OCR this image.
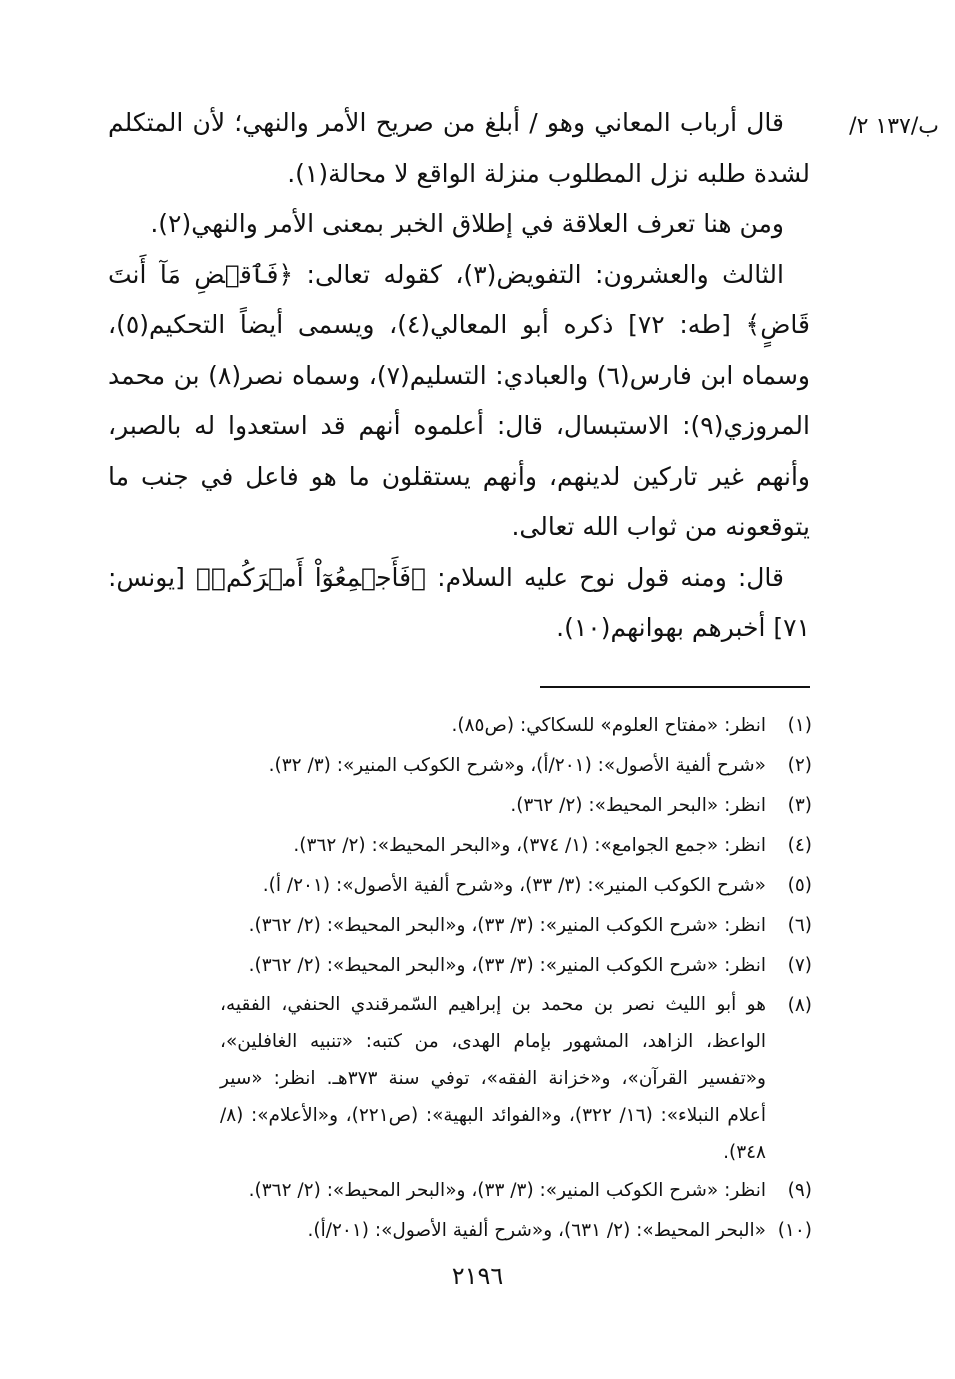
ب/١٣٧ ٢/

قال أرباب المعاني وهو / أبلغ من صريح الأمر والنهي؛ لأن المتكلم لشدة طلبه نزل المطلوب منزلة الواقع لا محالة(١).

ومن هنا تعرف العلاقة في إطلاق الخبر بمعنى الأمر والنهي(٢).

الثالث والعشرون: التفويض(٣)، كقوله تعالى: ﴿فَٱقۡضِ مَآ أَنتَ قَاضٍ﴾ [طه: ٧٢] ذكره أبو المعالي(٤)، ويسمى أيضاً التحكيم(٥)، وسماه ابن فارس(٦) والعبادي: التسليم(٧)، وسماه نصر(٨) بن محمد المروزي(٩): الاستبسال، قال: أعلموه أنهم قد استعدوا له بالصبر، وأنهم غير تاركين لدينهم، وأنهم يستقلون ما هو فاعل في جنب ما يتوقعونه من ثواب الله تعالى.

قال: ومنه قول نوح عليه السلام: ﴿فَأَجۡمِعُوٓاْ أَمۡرَكُمۡ﴾ [يونس: ٧١] أخبرهم بهوانهم(١٠).

(١)
انظر: «مفتاح العلوم» للسكاكي: (ص٨٥).
(٢)
«شرح ألفية الأصول»: (٢٠١/أ)، و«شرح الكوكب المنير»: (٣/ ٣٢).
(٣)
انظر: «البحر المحيط»: (٢/ ٣٦٢).
(٤)
انظر: «جمع الجوامع»: (١/ ٣٧٤)، و«البحر المحيط»: (٢/ ٣٦٢).
(٥)
«شرح الكوكب المنير»: (٣/ ٣٣)، و«شرح ألفية الأصول»: (٢٠١/ أ).
(٦)
انظر: «شرح الكوكب المنير»: (٣/ ٣٣)، و«البحر المحيط»: (٢/ ٣٦٢).
(٧)
انظر: «شرح الكوكب المنير»: (٣/ ٣٣)، و«البحر المحيط»: (٢/ ٣٦٢).
(٨)
هو أبو الليث نصر بن محمد بن إبراهيم السّمرقندي الحنفي، الفقيه، الواعظ، الزاهد، المشهور بإمام الهدى، من كتبه: «تنبيه الغافلين»، و«تفسير القرآن»، و«خزانة الفقه»، توفي سنة ٣٧٣هـ. انظر: «سير أعلام النبلاء»: (١٦/ ٣٢٢)، و«الفوائد البهية»: (ص٢٢١)، و«الأعلام»: (٨/ ٣٤٨).
(٩)
انظر: «شرح الكوكب المنير»: (٣/ ٣٣)، و«البحر المحيط»: (٢/ ٣٦٢).
(١٠)
«البحر المحيط»: (٢/ ٦٣١)، و«شرح ألفية الأصول»: (٢٠١/أ).
٢١٩٦
